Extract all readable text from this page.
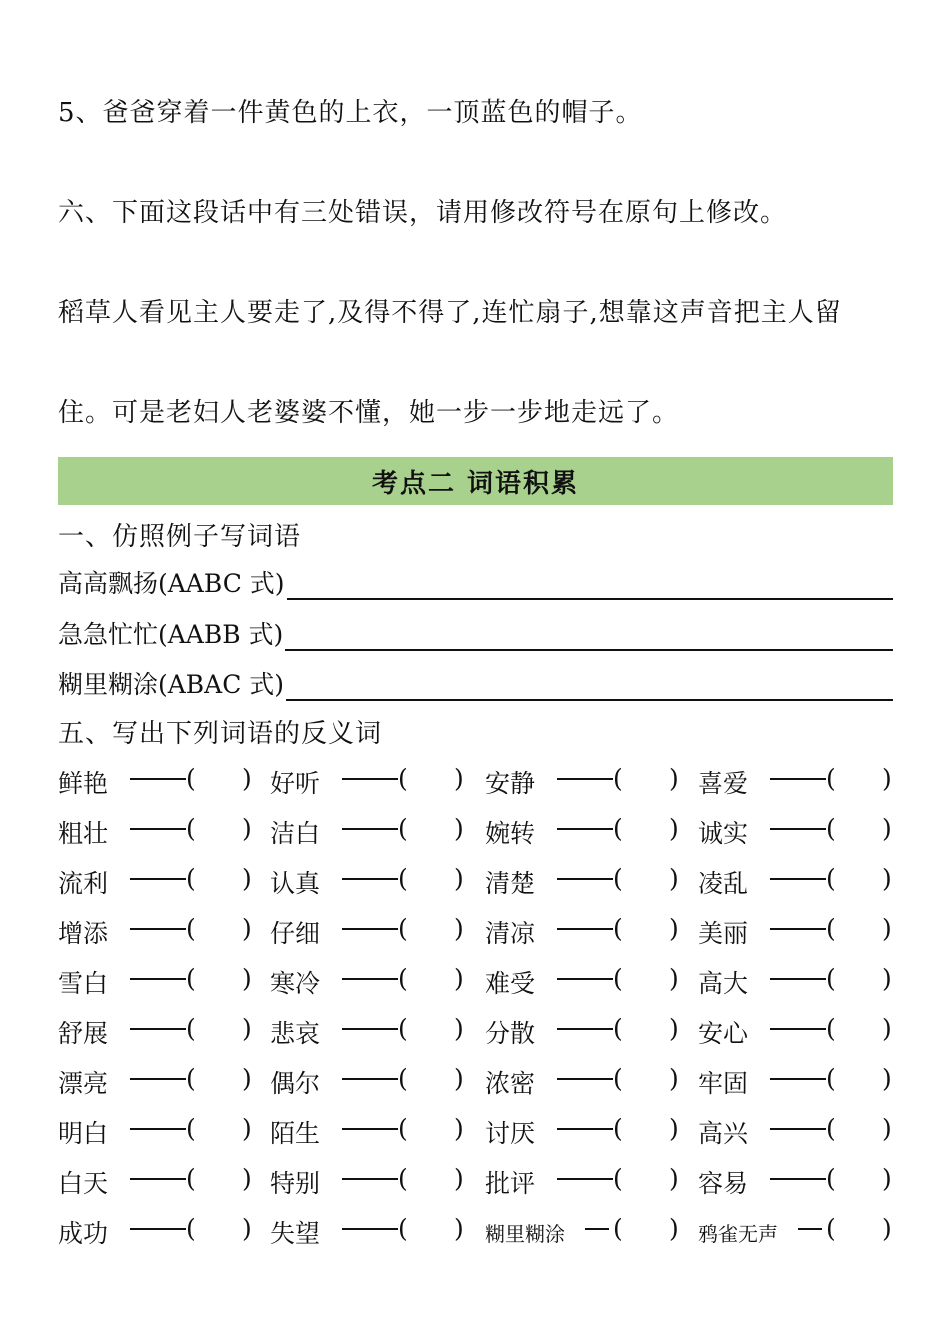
5、爸爸穿着一件黄色的上衣，一顶蓝色的帽子。
六、下面这段话中有三处错误，请用修改符号在原句上修改。
稻草人看见主人要走了,及得不得了,连忙扇子,想靠这声音把主人留
住。可是老妇人老婆婆不懂，她一步一步地走远了。
考点二 词语积累
一、仿照例子写词语
高高飘扬(AABC 式)
急急忙忙(AABB 式)
糊里糊涂(ABAC 式)
五、写出下列词语的反义词
鲜艳	( ) 好听	( ) 安静	( ) 喜爱	( )
粗壮	( ) 洁白	( ) 婉转	( ) 诚实	( )
流利	( ) 认真	( ) 清楚	( ) 凌乱	( )
增添	( ) 仔细	( ) 清凉	( ) 美丽	( )
雪白	( ) 寒冷	( ) 难受	( ) 高大	( )
舒展	( ) 悲哀	( ) 分散	( ) 安心	( )
漂亮	( ) 偶尔	( ) 浓密	( ) 牢固	( )
明白	( ) 陌生	( ) 讨厌	( ) 高兴	( )
白天	( ) 特别	( ) 批评	( ) 容易	( )
成功	( ) 失望	( ) 糊里糊涂 ( ) 鸦雀无声 ( )
